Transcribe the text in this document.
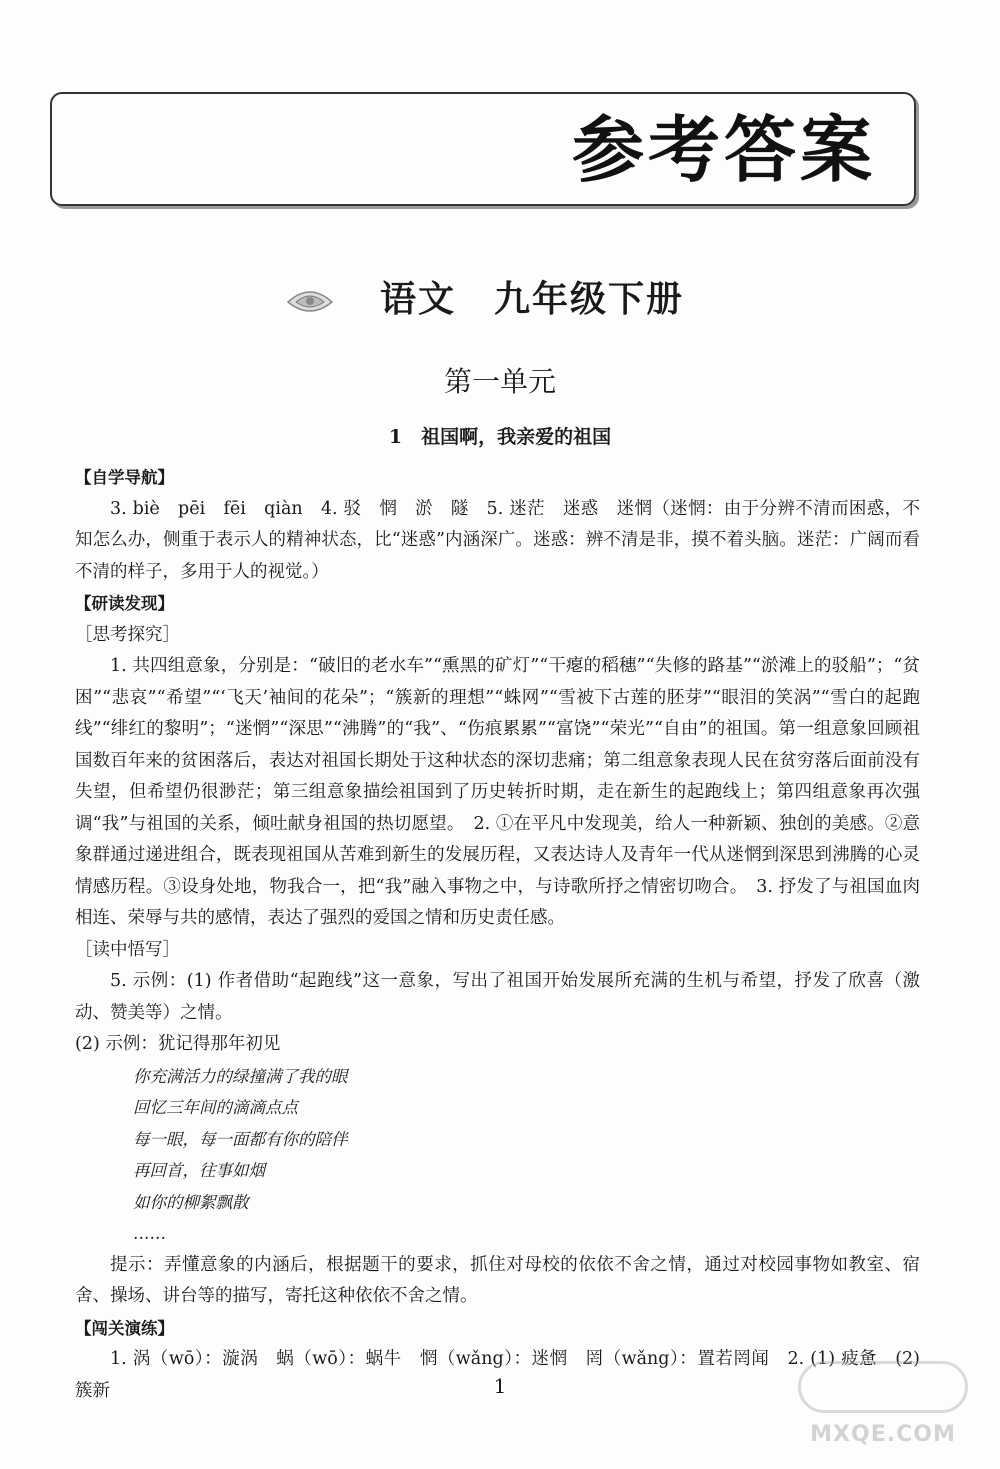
参考答案
语文　九年级下册
第一单元
1　祖国啊，我亲爱的祖国

【自学导航】

3. biè　pēi　fēi　qiàn　4. 驳　惘　淤　隧　5. 迷茫　迷惑　迷惘（迷惘：由于分辨不清而困惑，不知怎么办，侧重于表示人的精神状态，比“迷惑”内涵深广。迷惑：辨不清是非，摸不着头脑。迷茫：广阔而看不清的样子，多用于人的视觉。）

【研读发现】

［思考探究］

1. 共四组意象，分别是：“破旧的老水车”“熏黑的矿灯”“干瘪的稻穗”“失修的路基”“淤滩上的驳船”；“贫困”“悲哀”“希望”“‘飞天’袖间的花朵”；“簇新的理想”“蛛网”“雪被下古莲的胚芽”“眼泪的笑涡”“雪白的起跑线”“绯红的黎明”；“迷惘”“深思”“沸腾”的“我”、“伤痕累累”“富饶”“荣光”“自由”的祖国。第一组意象回顾祖国数百年来的贫困落后，表达对祖国长期处于这种状态的深切悲痛；第二组意象表现人民在贫穷落后面前没有失望，但希望仍很渺茫；第三组意象描绘祖国到了历史转折时期，走在新生的起跑线上；第四组意象再次强调“我”与祖国的关系，倾吐献身祖国的热切愿望。　2. ①在平凡中发现美，给人一种新颖、独创的美感。②意象群通过递进组合，既表现祖国从苦难到新生的发展历程，又表达诗人及青年一代从迷惘到深思到沸腾的心灵情感历程。③设身处地，物我合一，把“我”融入事物之中，与诗歌所抒之情密切吻合。　3. 抒发了与祖国血肉相连、荣辱与共的感情，表达了强烈的爱国之情和历史责任感。

［读中悟写］

5. 示例：(1) 作者借助“起跑线”这一意象，写出了祖国开始发展所充满的生机与希望，抒发了欣喜（激动、赞美等）之情。

(2) 示例：犹记得那年初见

你充满活力的绿撞满了我的眼

回忆三年间的滴滴点点

每一眼，每一面都有你的陪伴

再回首，往事如烟

如你的柳絮飘散

……

提示：弄懂意象的内涵后，根据题干的要求，抓住对母校的依依不舍之情，通过对校园事物如教室、宿舍、操场、讲台等的描写，寄托这种依依不舍之情。

【闯关演练】

1. 涡（wō）：漩涡　蜗（wō）：蜗牛　惘（wǎng）：迷惘　罔（wǎng）：置若罔闻　2. (1) 疲惫　(2) 簇新	1
MXQE.COM
